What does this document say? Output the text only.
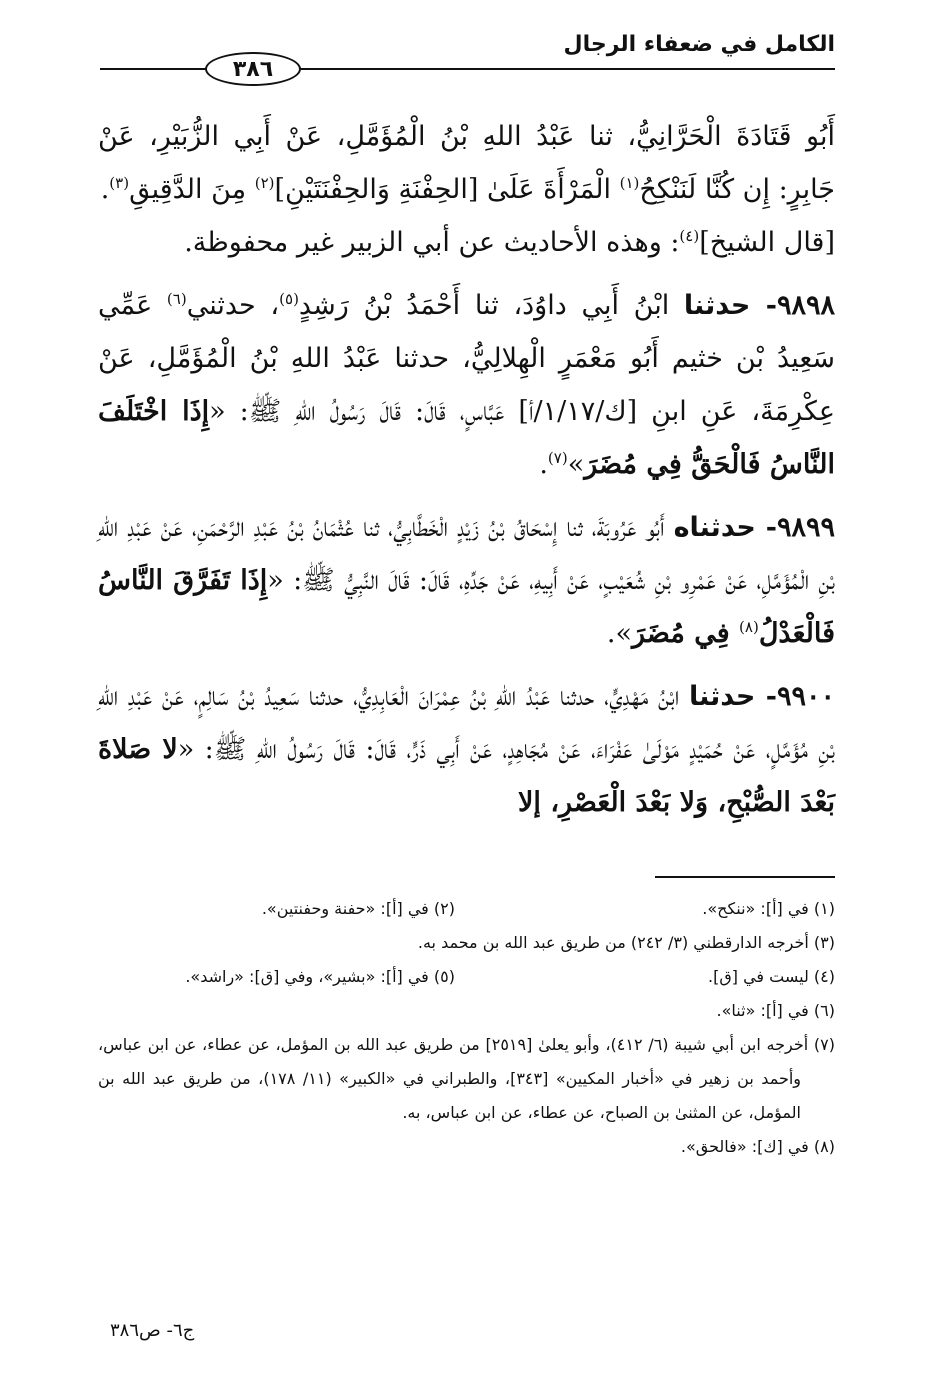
الكامل في ضعفاء الرجال
٣٨٦

أَبُو قَتَادَةَ الْحَرَّانِيُّ، ثنا عَبْدُ اللهِ بْنُ الْمُؤَمَّلِ، عَنْ أَبِي الزُّبَيْرِ، عَنْ جَابِرٍ: إِن كُنَّا لَنَنْكِحُ$^{(١)}$ الْمَرْأَةَ عَلَىٰ [الحِفْنَةِ وَالحِفْنَتَيْنِ]$^{(٢)}$ مِنَ الدَّقِيقِ$^{(٣)}$.

[قال الشيخ]$^{(٤)}$: وهذه الأحاديث عن أبي الزبير غير محفوظة.

٩٨٩٨- حدثنا ابْنُ أَبِي داوُدَ، ثنا أَحْمَدُ بْنُ رَشِدٍ$^{(٥)}$، حدثني$^{(٦)}$ عَمِّي سَعِيدُ بْن خثيم أَبُو مَعْمَرٍ الْهِلالِيُّ، حدثنا عَبْدُ اللهِ بْنُ الْمُؤَمَّلِ، عَنْ عِكْرِمَةَ، عَنِ ابنِ [ك/١/١٧/أ] عَبَّاسٍ، قَالَ: قَالَ رَسُولُ اللهِ ﷺ: «إِذَا اخْتَلَفَ النَّاسُ فَالْحَقُّ فِي مُضَرَ»$^{(٧)}$.

٩٨٩٩- حدثناه أَبُو عَرُوبَةَ، ثنا إِسْحَاقُ بْنُ زَيْدٍ الْخَطَّابِيُّ، ثنا عُثْمَانُ بْنُ عَبْدِ الرَّحْمَنِ، عَنْ عَبْدِ اللهِ بْنِ الْمُؤَمَّلِ، عَنْ عَمْرِو بْنِ شُعَيْبٍ، عَنْ أَبِيهِ، عَنْ جَدِّهِ، قَالَ: قَالَ النَّبِيُّ ﷺ: «إِذَا تَفَرَّقَ النَّاسُ فَالْعَدْلُ$^{(٨)}$ فِي مُضَرَ».

٩٩٠٠- حدثنا ابْنُ مَهْدِيٍّ، حدثنا عَبْدُ اللهِ بْنُ عِمْرَانَ الْعَابِدِيُّ، حدثنا سَعِيدُ بْنُ سَالِمٍ، عَنْ عَبْدِ اللهِ بْنِ مُؤَمَّلٍ، عَنْ حُمَيْدٍ مَوْلَىٰ عَفْرَاءَ، عَنْ مُجَاهِدٍ، عَنْ أَبِي ذَرٍّ، قَالَ: قَالَ رَسُولُ اللهِ ﷺ: «لا صَلاةَ بَعْدَ الصُّبْحِ، وَلا بَعْدَ الْعَصْرِ، إلا

(١) في [أ]: «ننكح».
(٢) في [أ]: «حفنة وحفنتين».
(٣) أخرجه الدارقطني (٣/ ٢٤٢) من طريق عبد الله بن محمد به.
(٤) ليست في [ق].
(٥) في [أ]: «بشير»، وفي [ق]: «راشد».
(٦) في [أ]: «ثنا».
(٧) أخرجه ابن أبي شيبة (٦/ ٤١٢)، وأبو يعلىٰ [٢٥١٩] من طريق عبد الله بن المؤمل، عن عطاء، عن ابن عباس، وأحمد بن زهير في «أخبار المكيين» [٣٤٣]، والطبراني في «الكبير» (١١/ ١٧٨)، من طريق عبد الله بن المؤمل، عن المثنىٰ بن الصباح، عن عطاء، عن ابن عباس، به.
(٨) في [ك]: «فالحق».
ج٦- ص٣٨٦
